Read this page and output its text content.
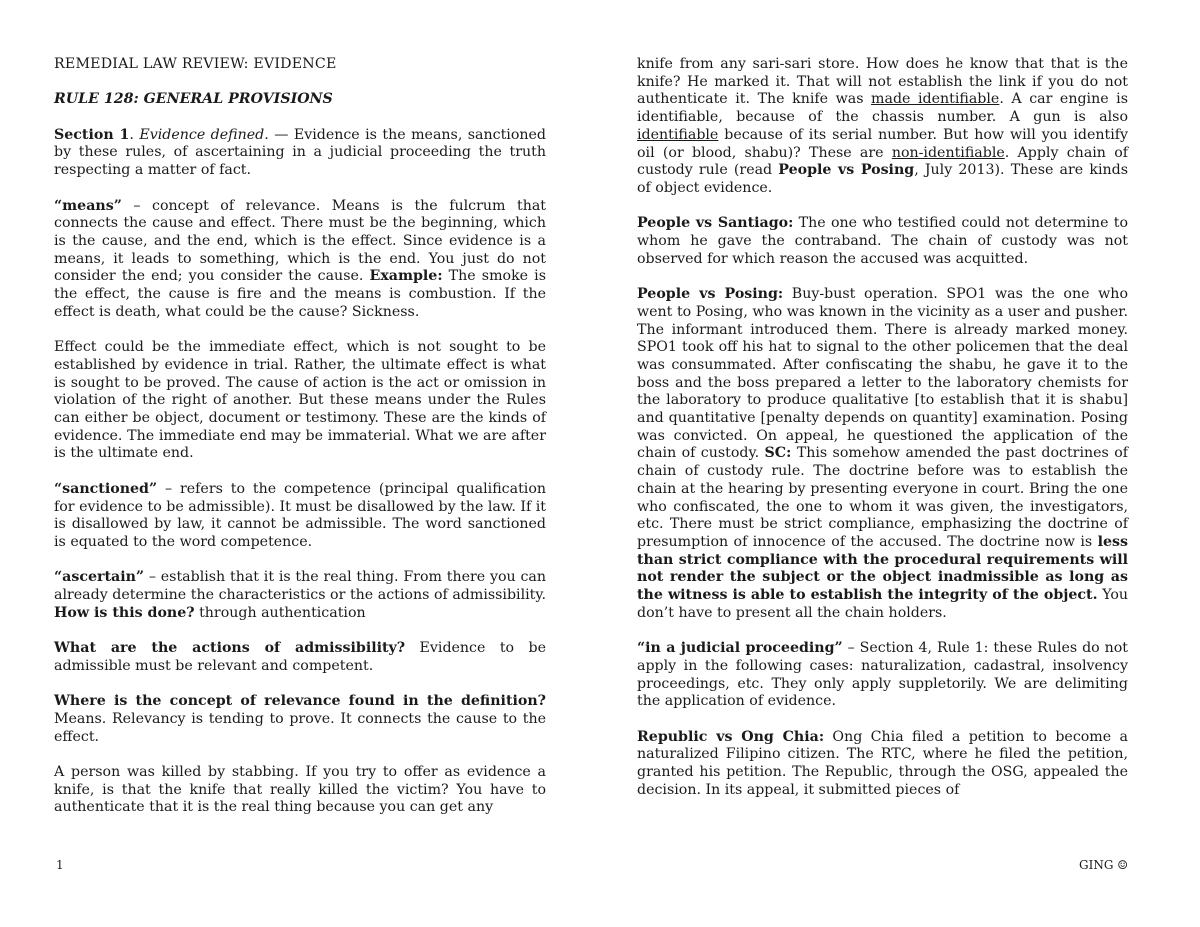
REMEDIAL LAW REVIEW: EVIDENCE
RULE 128: GENERAL PROVISIONS

Section 1. Evidence defined. — Evidence is the means, sanctioned by these rules, of ascertaining in a judicial proceeding the truth respecting a matter of fact.

“means” – concept of relevance. Means is the fulcrum that connects the cause and effect. There must be the beginning, which is the cause, and the end, which is the effect. Since evidence is a means, it leads to something, which is the end. You just do not consider the end; you consider the cause. Example: The smoke is the effect, the cause is fire and the means is combustion. If the effect is death, what could be the cause? Sickness.

Effect could be the immediate effect, which is not sought to be established by evidence in trial. Rather, the ultimate effect is what is sought to be proved. The cause of action is the act or omission in violation of the right of another. But these means under the Rules can either be object, document or testimony. These are the kinds of evidence. The immediate end may be immaterial. What we are after is the ultimate end.

“sanctioned” – refers to the competence (principal qualification for evidence to be admissible). It must be disallowed by the law. If it is disallowed by law, it cannot be admissible. The word sanctioned is equated to the word competence.

“ascertain” – establish that it is the real thing. From there you can already determine the characteristics or the actions of admissibility. How is this done? through authentication

What are the actions of admissibility? Evidence to be admissible must be relevant and competent.

Where is the concept of relevance found in the definition? Means. Relevancy is tending to prove. It connects the cause to the effect.

A person was killed by stabbing. If you try to offer as evidence a knife, is that the knife that really killed the victim? You have to authenticate that it is the real thing because you can get any

knife from any sari-sari store. How does he know that that is the knife? He marked it. That will not establish the link if you do not authenticate it. The knife was made identifiable. A car engine is identifiable, because of the chassis number. A gun is also identifiable because of its serial number. But how will you identify oil (or blood, shabu)? These are non-identifiable. Apply chain of custody rule (read People vs Posing, July 2013). These are kinds of object evidence.

People vs Santiago: The one who testified could not determine to whom he gave the contraband. The chain of custody was not observed for which reason the accused was acquitted.

People vs Posing: Buy-bust operation. SPO1 was the one who went to Posing, who was known in the vicinity as a user and pusher. The informant introduced them. There is already marked money. SPO1 took off his hat to signal to the other policemen that the deal was consummated. After confiscating the shabu, he gave it to the boss and the boss prepared a letter to the laboratory chemists for the laboratory to produce qualitative [to establish that it is shabu] and quantitative [penalty depends on quantity] examination. Posing was convicted. On appeal, he questioned the application of the chain of custody. SC: This somehow amended the past doctrines of chain of custody rule. The doctrine before was to establish the chain at the hearing by presenting everyone in court. Bring the one who confiscated, the one to whom it was given, the investigators, etc. There must be strict compliance, emphasizing the doctrine of presumption of innocence of the accused. The doctrine now is less than strict compliance with the procedural requirements will not render the subject or the object inadmissible as long as the witness is able to establish the integrity of the object. You don’t have to present all the chain holders.

“in a judicial proceeding” – Section 4, Rule 1: these Rules do not apply in the following cases: naturalization, cadastral, insolvency proceedings, etc. They only apply suppletorily. We are delimiting the application of evidence.

Republic vs Ong Chia: Ong Chia filed a petition to become a naturalized Filipino citizen. The RTC, where he filed the petition, granted his petition. The Republic, through the OSG, appealed the decision. In its appeal, it submitted pieces of

1	GING ☺
